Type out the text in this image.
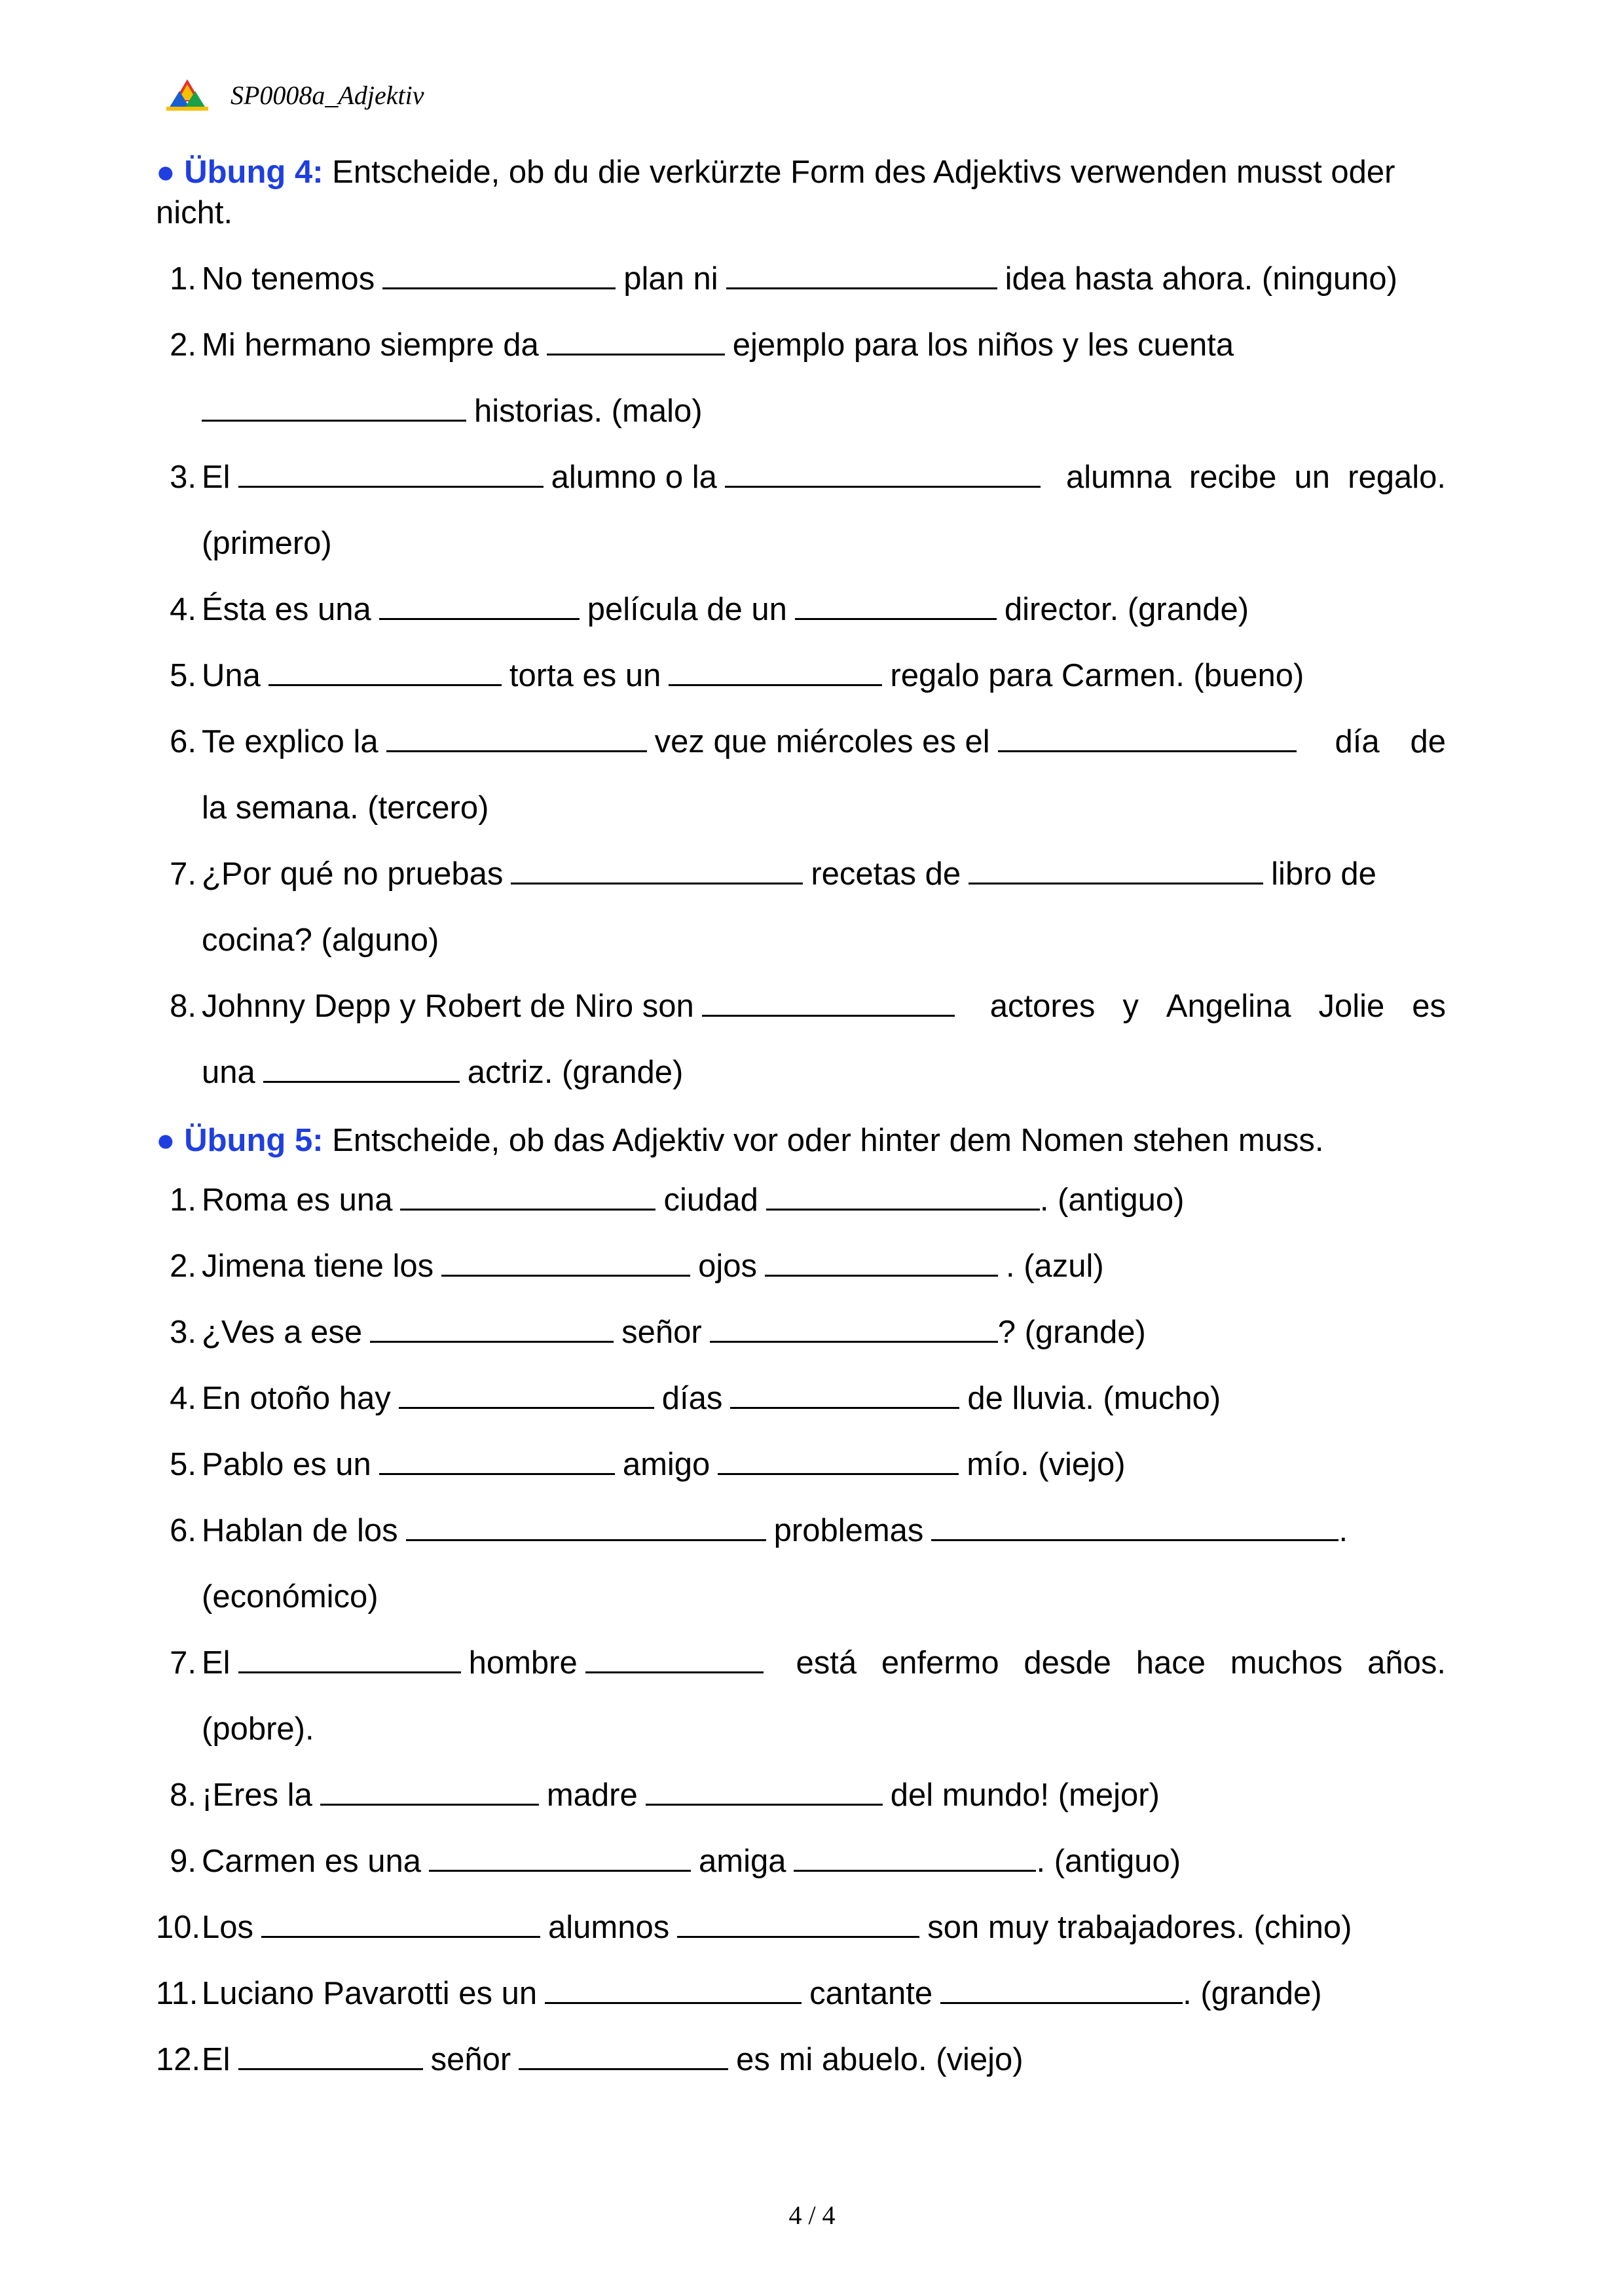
SP0008a_Adjektiv
● Übung 4: Entscheide, ob du die verkürzte Form des Adjektivs verwenden musst oder
nicht.
1. No tenemos	plan ni	idea hasta ahora. (ninguno)
2. Mi hermano siempre da	ejemplo para los niños y les cuenta
historias. (malo)
3. El	alumno o la	alumna recibe un regalo.
(primero)
4. Ésta es una	película de un	director. (grande)
5. Una	torta es un	regalo para Carmen. (bueno)
6. Te explico la	vez que miércoles es el	día de
la semana. (tercero)
7. ¿Por qué no pruebas	recetas de	libro de
cocina? (alguno)
8. Johnny Depp y Robert de Niro son	actores y Angelina Jolie es
una	actriz. (grande)
● Übung 5: Entscheide, ob das Adjektiv vor oder hinter dem Nomen stehen muss.
1. Roma es una	ciudad	. (antiguo)
2. Jimena tiene los	ojos	. (azul)
3. ¿Ves a ese	señor	? (grande)
4. En otoño hay	días	de lluvia. (mucho)
5. Pablo es un	amigo	mío. (viejo)
6. Hablan de los	problemas	.
(económico)
7. El	hombre	está enfermo desde hace muchos años.
(pobre).
8. ¡Eres la	madre	del mundo! (mejor)
9. Carmen es una	amiga	. (antiguo)
10. Los	alumnos	son muy trabajadores. (chino)
11. Luciano Pavarotti es un	cantante	. (grande)
12. El	señor	es mi abuelo. (viejo)
4 / 4
